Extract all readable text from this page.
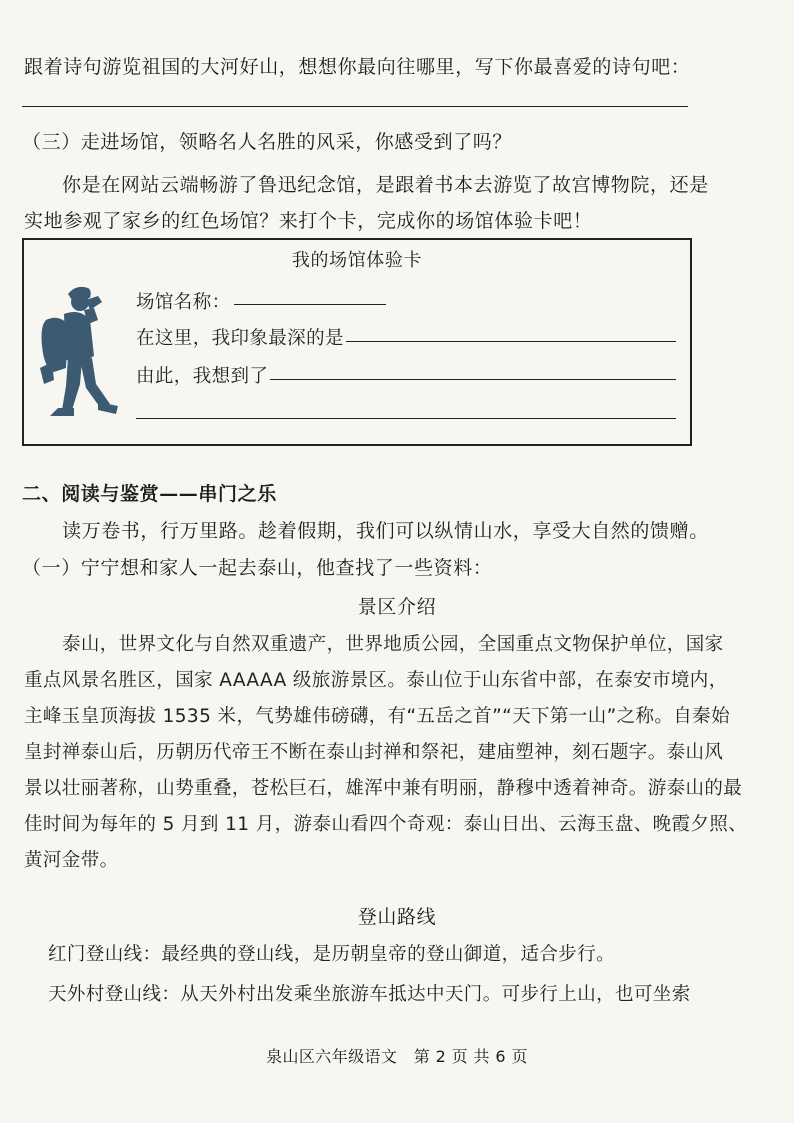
跟着诗句游览祖国的大河好山，想想你最向往哪里，写下你最喜爱的诗句吧：
（三）走进场馆，领略名人名胜的风采，你感受到了吗？
你是在网站云端畅游了鲁迅纪念馆，是跟着书本去游览了故宫博物院，还是
实地参观了家乡的红色场馆？来打个卡，完成你的场馆体验卡吧！
我的场馆体验卡
场馆名称：
在这里，我印象最深的是
由此，我想到了
二、阅读与鉴赏——串门之乐
读万卷书，行万里路。趁着假期，我们可以纵情山水，享受大自然的馈赠。
（一）宁宁想和家人一起去泰山，他查找了一些资料：
景区介绍
泰山，世界文化与自然双重遗产，世界地质公园，全国重点文物保护单位，国家
重点风景名胜区，国家 AAAAA 级旅游景区。泰山位于山东省中部，在泰安市境内，
主峰玉皇顶海拔 1535 米，气势雄伟磅礴，有“五岳之首”“天下第一山”之称。自秦始
皇封禅泰山后，历朝历代帝王不断在泰山封禅和祭祀，建庙塑神，刻石题字。泰山风
景以壮丽著称，山势重叠，苍松巨石，雄浑中兼有明丽，静穆中透着神奇。游泰山的最
佳时间为每年的 5 月到 11 月，游泰山看四个奇观：泰山日出、云海玉盘、晚霞夕照、
黄河金带。
登山路线
红门登山线：最经典的登山线，是历朝皇帝的登山御道，适合步行。
天外村登山线：从天外村出发乘坐旅游车抵达中天门。可步行上山，也可坐索
泉山区六年级语文　第 2 页 共 6 页
